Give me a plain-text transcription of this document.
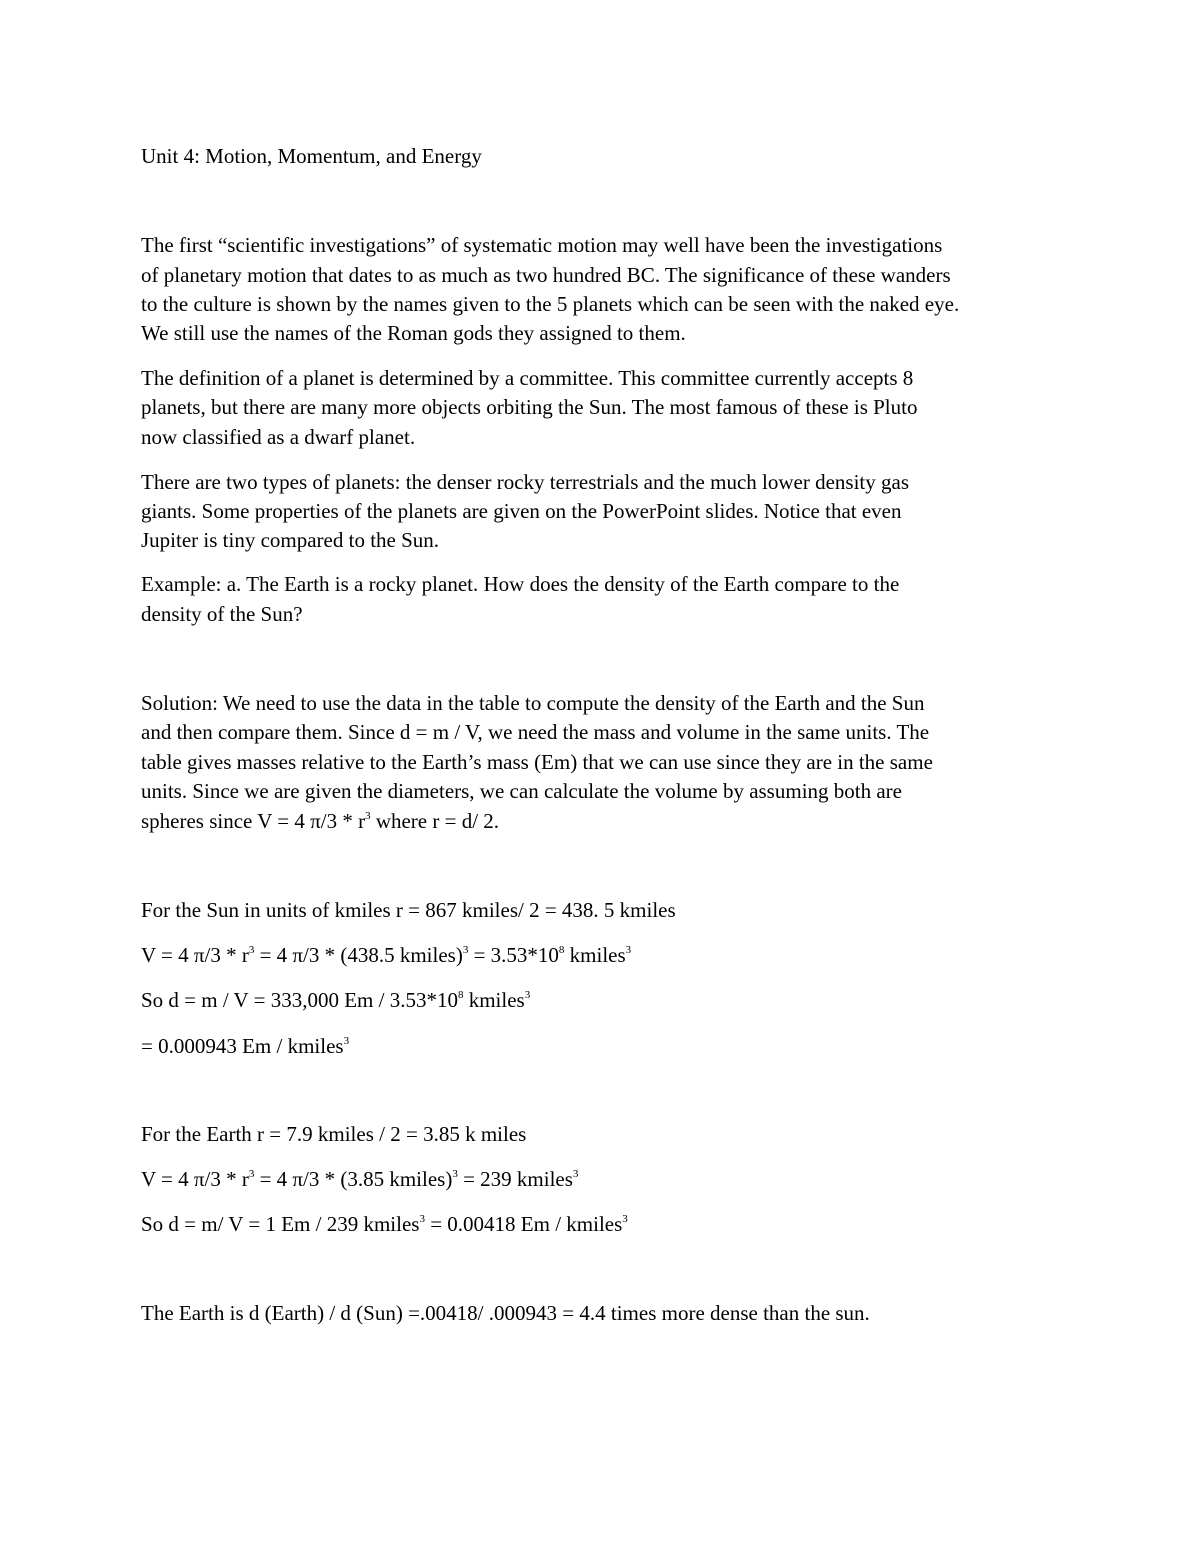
Unit 4: Motion, Momentum, and Energy

The first “scientific investigations” of systematic motion may well have been the investigations

of planetary motion that dates to as much as two hundred BC. The significance of these wanders

to the culture is shown by the names given to the 5 planets which can be seen with the naked eye.

We still use the names of the Roman gods they assigned to them.

The definition of a planet is determined by a committee. This committee currently accepts 8

planets, but there are many more objects orbiting the Sun. The most famous of these is Pluto

now classified as a dwarf planet.

There are two types of planets: the denser rocky terrestrials and the much lower density gas

giants. Some properties of the planets are given on the PowerPoint slides. Notice that even

Jupiter is tiny compared to the Sun.

Example: a. The Earth is a rocky planet. How does the density of the Earth compare to the

density of the Sun?

Solution: We need to use the data in the table to compute the density of the Earth and the Sun

and then compare them. Since d = m / V, we need the mass and volume in the same units. The

table gives masses relative to the Earth’s mass (Em) that we can use since they are in the same

units. Since we are given the diameters, we can calculate the volume by assuming both are

spheres since V = 4 $\pi/3 * r^3$ where r = d/ 2.

For the Sun in units of kmiles r = 867 kmiles/ 2 = 438. 5 kmiles

V = 4 $\pi/3 * r^3 = 4$ π/3 * (438.5 kmiles)$^3$ = $3.53*10^8$ kmiles$^3$

So d = m / V = 333,000 Em / $3.53*10^8$ kmiles$^3$

= 0.000943 Em / kmiles$^3$

For the Earth r = 7.9 kmiles / 2 = 3.85 k miles

V = 4 $\pi/3 * r^3 = 4$ π/3 * (3.85 kmiles)$^3$ = 239 kmiles$^3$

So d = m/ V = 1 Em / 239 kmiles$^3$ = 0.00418 Em / kmiles$^3$

The Earth is d (Earth) / d (Sun) =.00418/ .000943 = 4.4 times more dense than the sun.
